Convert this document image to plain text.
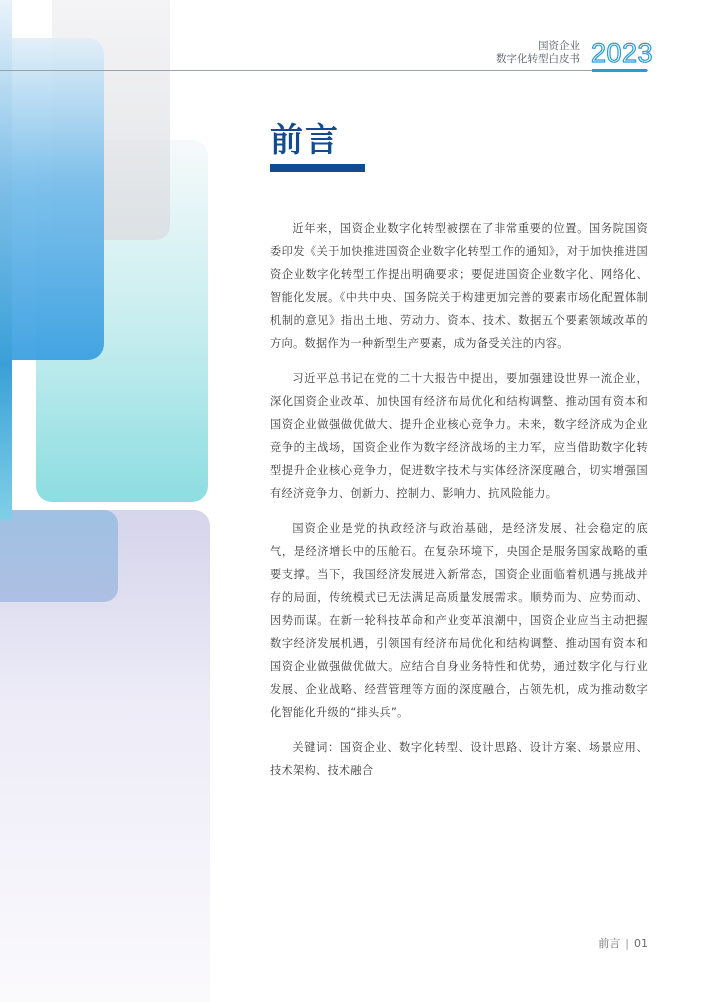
国资企业
数字化转型白皮书 2023
前言

近年来，国资企业数字化转型被摆在了非常重要的位置。国务院国资委印发《关于加快推进国资企业数字化转型工作的通知》，对于加快推进国资企业数字化转型工作提出明确要求；要促进国资企业数字化、网络化、智能化发展。《中共中央、国务院关于构建更加完善的要素市场化配置体制机制的意见》指出土地、劳动力、资本、技术、数据五个要素领域改革的方向。数据作为一种新型生产要素，成为备受关注的内容。

习近平总书记在党的二十大报告中提出，要加强建设世界一流企业，深化国资企业改革、加快国有经济布局优化和结构调整、推动国有资本和国资企业做强做优做大、提升企业核心竞争力。未来，数字经济成为企业竞争的主战场，国资企业作为数字经济战场的主力军，应当借助数字化转型提升企业核心竞争力，促进数字技术与实体经济深度融合，切实增强国有经济竞争力、创新力、控制力、影响力、抗风险能力。

国资企业是党的执政经济与政治基础，是经济发展、社会稳定的底气，是经济增长中的压舱石。在复杂环境下，央国企是服务国家战略的重要支撑。当下，我国经济发展进入新常态，国资企业面临着机遇与挑战并存的局面，传统模式已无法满足高质量发展需求。顺势而为、应势而动、因势而谋。在新一轮科技革命和产业变革浪潮中，国资企业应当主动把握数字经济发展机遇，引领国有经济布局优化和结构调整、推动国有资本和国资企业做强做优做大。应结合自身业务特性和优势，通过数字化与行业发展、企业战略、经营管理等方面的深度融合，占领先机，成为推动数字化智能化升级的“排头兵”。

关键词：国资企业、数字化转型、设计思路、设计方案、场景应用、技术架构、技术融合

前言 | 01
